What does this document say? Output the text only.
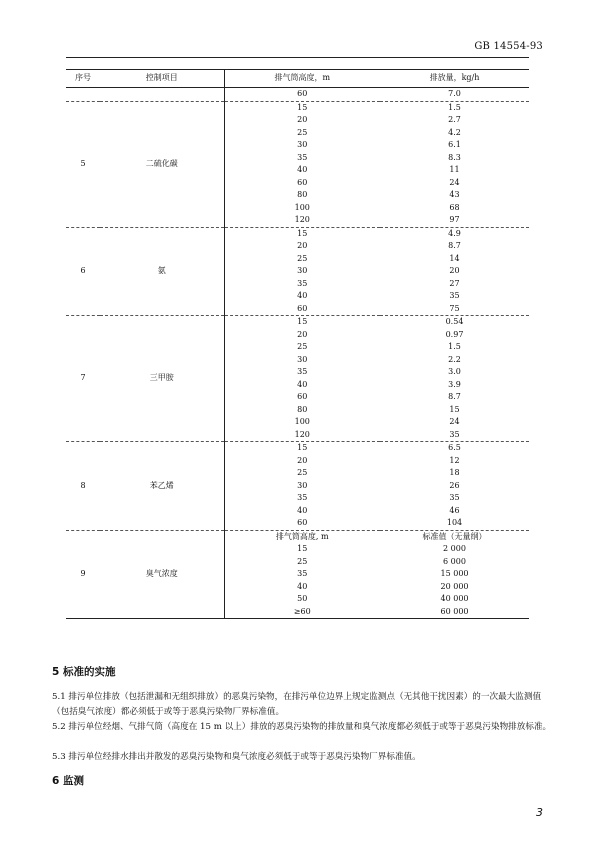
GB 14554-93
序号	控制项目	排气筒高度，m	排放量，kg/h
		60	7.0
5	二硫化碳	15	1.5
		20	2.7
		25	4.2
		30	6.1
		35	8.3
		40	11
		60	24
		80	43
		100	68
		120	97
6	氨	15	4.9
		20	8.7
		25	14
		30	20
		35	27
		40	35
		60	75
7	三甲胺	15	0.54
		20	0.97
		25	1.5
		30	2.2
		35	3.0
		40	3.9
		60	8.7
		80	15
		100	24
		120	35
8	苯乙烯	15	6.5
		20	12
		25	18
		30	26
		35	35
		40	46
		60	104
9	臭气浓度	排气筒高度, m	标准值（无量纲）
		15	2 000
		25	6 000
		35	15 000
		40	20 000
		50	40 000
		≥60	60 000
5 标准的实施
5.1 排污单位排放（包括泄漏和无组织排放）的恶臭污染物，在排污单位边界上规定监测点（无其他干扰因素）的一次最大监测值（包括臭气浓度）都必须低于或等于恶臭污染物厂界标准值。
5.2 排污单位经烟、气排气筒（高度在 15 m 以上）排放的恶臭污染物的排放量和臭气浓度都必须低于或等于恶臭污染物排放标准。
5.3 排污单位经排水排出并散发的恶臭污染物和臭气浓度必须低于或等于恶臭污染物厂界标准值。
6 监测
3
